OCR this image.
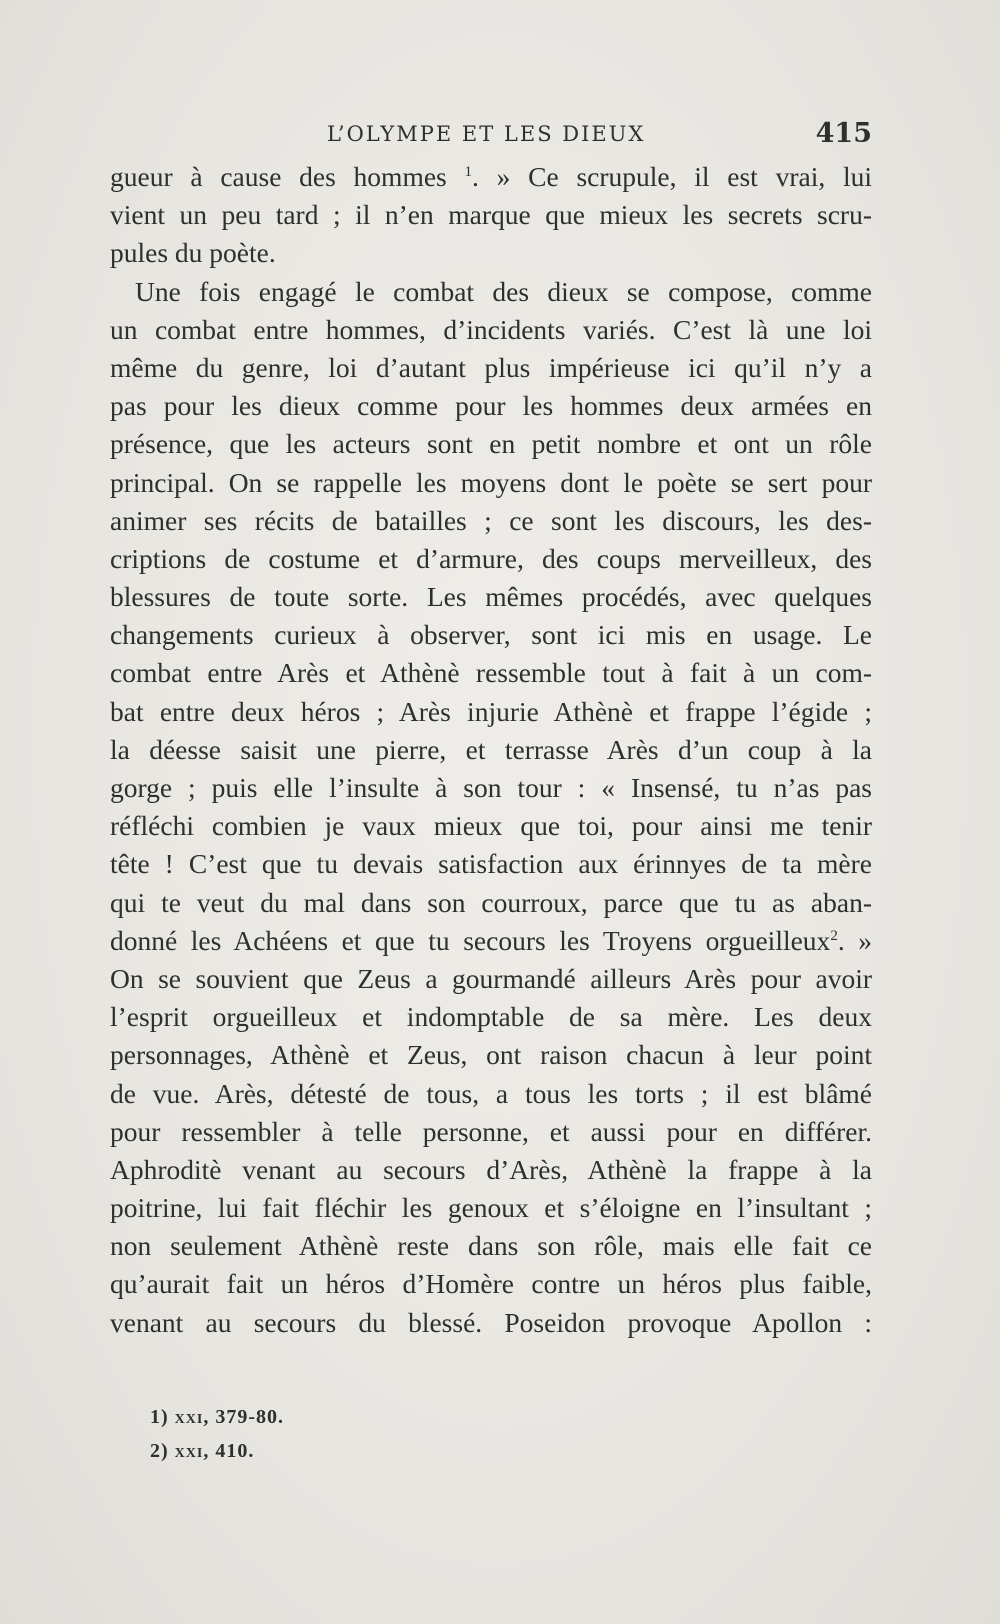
L’OLYMPE ET LES DIEUX	415
gueur à cause des hommes $^1$. » Ce scrupule, il est vrai, lui
vient un peu tard ; il n’en marque que mieux les secrets scru-
pules du poète.
Une fois engagé le combat des dieux se compose, comme
un combat entre hommes, d’incidents variés. C’est là une loi
même du genre, loi d’autant plus impérieuse ici qu’il n’y a
pas pour les dieux comme pour les hommes deux armées en
présence, que les acteurs sont en petit nombre et ont un rôle
principal. On se rappelle les moyens dont le poète se sert pour
animer ses récits de batailles ; ce sont les discours, les des-
criptions de costume et d’armure, des coups merveilleux, des
blessures de toute sorte. Les mêmes procédés, avec quelques
changements curieux à observer, sont ici mis en usage. Le
combat entre Arès et Athènè ressemble tout à fait à un com-
bat entre deux héros ; Arès injurie Athènè et frappe l’égide ;
la déesse saisit une pierre, et terrasse Arès d’un coup à la
gorge ; puis elle l’insulte à son tour : « Insensé, tu n’as pas
réfléchi combien je vaux mieux que toi, pour ainsi me tenir
tête ! C’est que tu devais satisfaction aux érinnyes de ta mère
qui te veut du mal dans son courroux, parce que tu as aban-
donné les Achéens et que tu secours les Troyens orgueilleux$^2$. »
On se souvient que Zeus a gourmandé ailleurs Arès pour avoir
l’esprit orgueilleux et indomptable de sa mère. Les deux
personnages, Athènè et Zeus, ont raison chacun à leur point
de vue. Arès, détesté de tous, a tous les torts ; il est blâmé
pour ressembler à telle personne, et aussi pour en différer.
Aphroditè venant au secours d’Arès, Athènè la frappe à la
poitrine, lui fait fléchir les genoux et s’éloigne en l’insultant ;
non seulement Athènè reste dans son rôle, mais elle fait ce
qu’aurait fait un héros d’Homère contre un héros plus faible,
venant au secours du blessé. Poseidon provoque Apollon :
1) xxi, 379-80.
2) xxi, 410.
